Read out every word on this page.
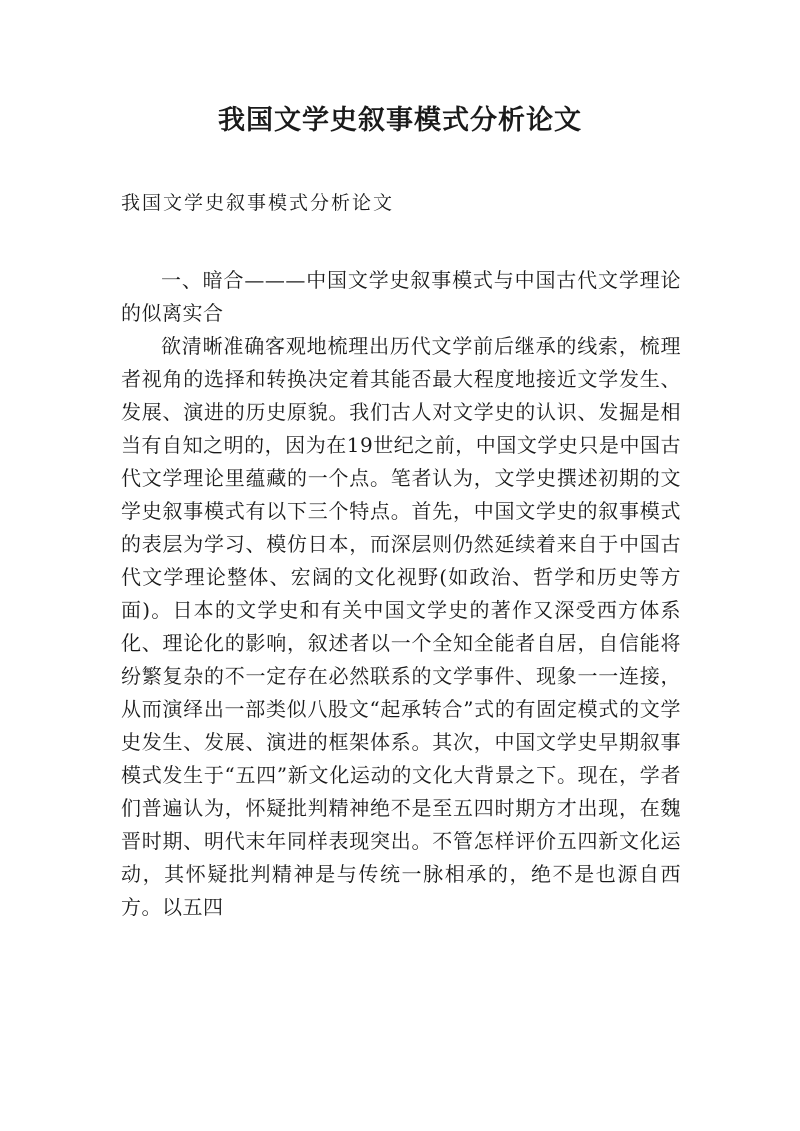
我国文学史叙事模式分析论文

我国文学史叙事模式分析论文

一、暗合———中国文学史叙事模式与中国古代文学理论的似离实合

欲清晰准确客观地梳理出历代文学前后继承的线索，梳理者视角的选择和转换决定着其能否最大程度地接近文学发生、发展、演进的历史原貌。我们古人对文学史的认识、发掘是相当有自知之明的，因为在19世纪之前，中国文学史只是中国古代文学理论里蕴藏的一个点。笔者认为，文学史撰述初期的文学史叙事模式有以下三个特点。首先，中国文学史的叙事模式的表层为学习、模仿日本，而深层则仍然延续着来自于中国古代文学理论整体、宏阔的文化视野(如政治、哲学和历史等方面)。日本的文学史和有关中国文学史的著作又深受西方体系化、理论化的影响，叙述者以一个全知全能者自居，自信能将纷繁复杂的不一定存在必然联系的文学事件、现象一一连接，从而演绎出一部类似八股文“起承转合”式的有固定模式的文学史发生、发展、演进的框架体系。其次，中国文学史早期叙事模式发生于“五四”新文化运动的文化大背景之下。现在，学者们普遍认为，怀疑批判精神绝不是至五四时期方才出现，在魏晋时期、明代末年同样表现突出。不管怎样评价五四新文化运动，其怀疑批判精神是与传统一脉相承的，绝不是也源自西方。以五四
